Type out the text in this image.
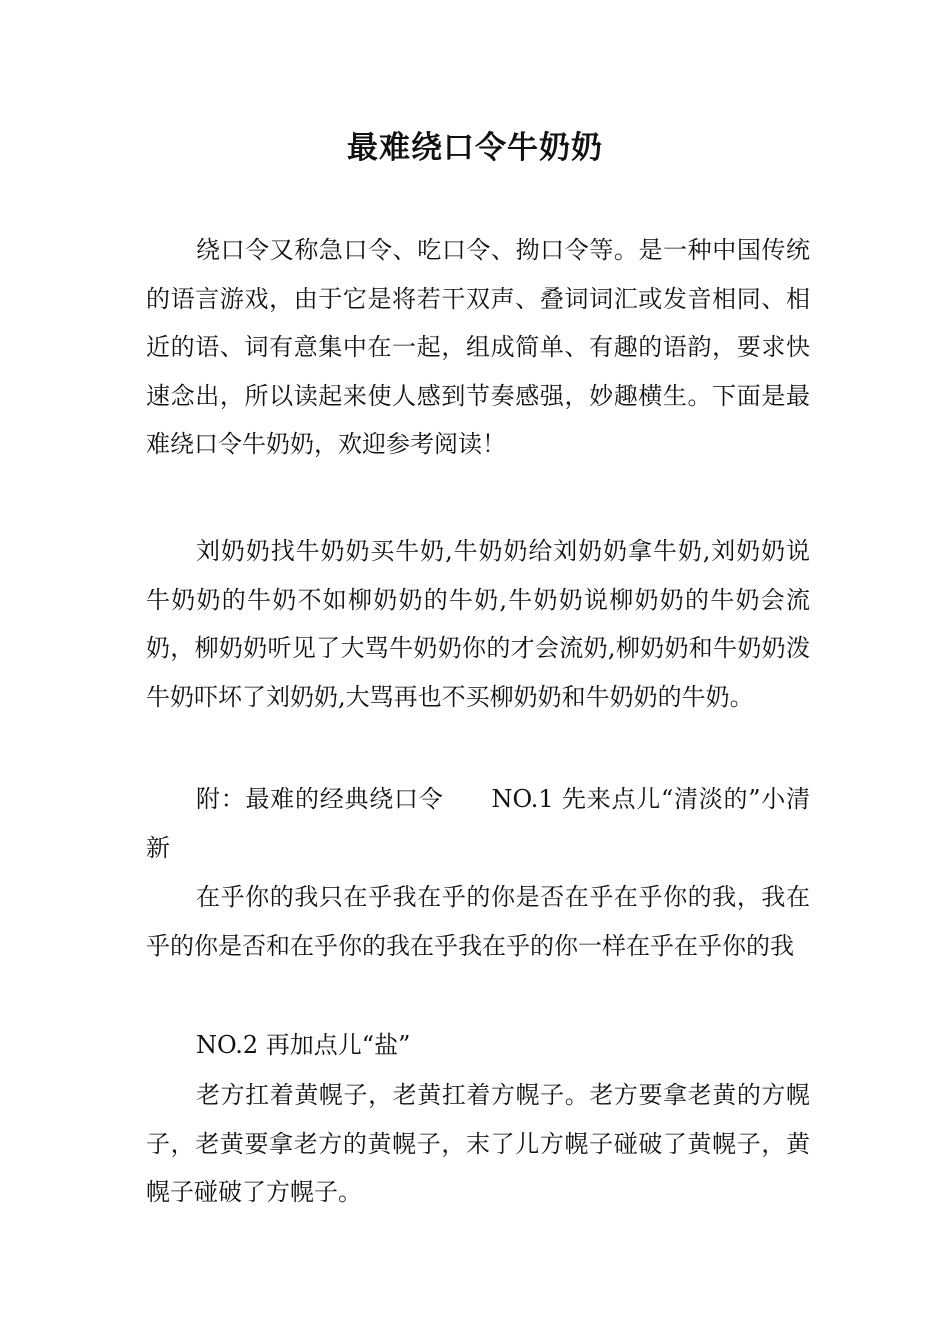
最难绕口令牛奶奶

绕口令又称急口令、吃口令、拗口令等。是一种中国传统的语言游戏，由于它是将若干双声、叠词词汇或发音相同、相近的语、词有意集中在一起，组成简单、有趣的语韵，要求快速念出，所以读起来使人感到节奏感强，妙趣横生。下面是最难绕口令牛奶奶，欢迎参考阅读！

刘奶奶找牛奶奶买牛奶,牛奶奶给刘奶奶拿牛奶,刘奶奶说牛奶奶的牛奶不如柳奶奶的牛奶,牛奶奶说柳奶奶的牛奶会流奶，柳奶奶听见了大骂牛奶奶你的才会流奶,柳奶奶和牛奶奶泼牛奶吓坏了刘奶奶,大骂再也不买柳奶奶和牛奶奶的牛奶。

附：最难的经典绕口令 NO.1 先来点儿“清淡的”小清新

在乎你的我只在乎我在乎的你是否在乎在乎你的我，我在乎的你是否和在乎你的我在乎我在乎的你一样在乎在乎你的我

NO.2 再加点儿“盐”

老方扛着黄幌子，老黄扛着方幌子。老方要拿老黄的方幌子，老黄要拿老方的黄幌子，末了儿方幌子碰破了黄幌子，黄幌子碰破了方幌子。
